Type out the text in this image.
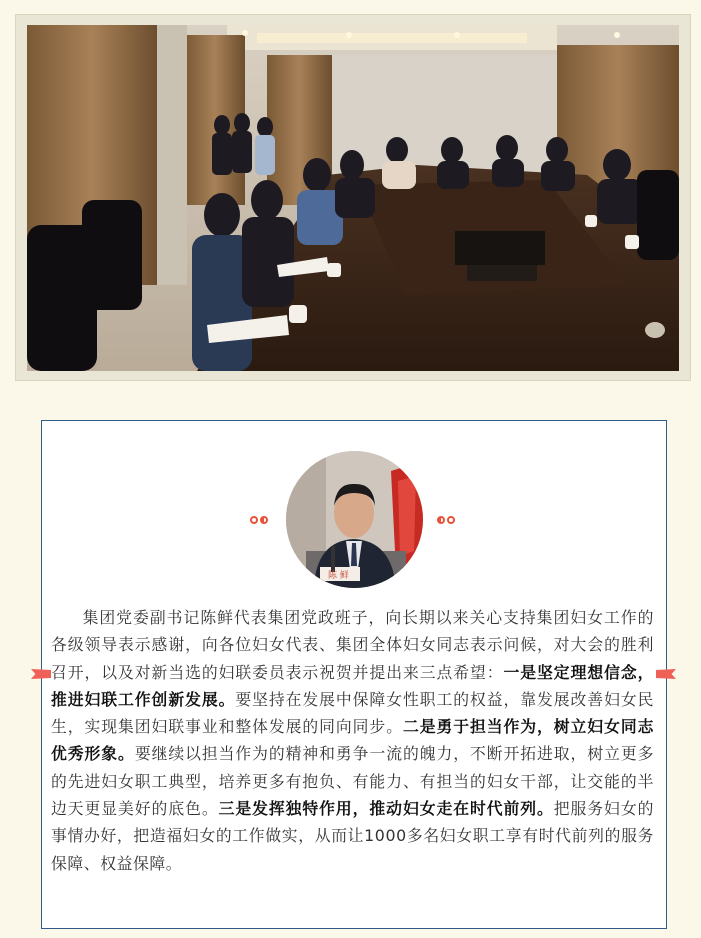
陈 鲜

集团党委副书记陈鲜代表集团党政班子，向长期以来关心支持集团妇女工作的各级领导表示感谢，向各位妇女代表、集团全体妇女同志表示问候，对大会的胜利召开，以及对新当选的妇联委员表示祝贺并提出来三点希望：一是坚定理想信念，推进妇联工作创新发展。要坚持在发展中保障女性职工的权益，靠发展改善妇女民生，实现集团妇联事业和整体发展的同向同步。二是勇于担当作为，树立妇女同志优秀形象。要继续以担当作为的精神和勇争一流的魄力，不断开拓进取，树立更多的先进妇女职工典型，培养更多有抱负、有能力、有担当的妇女干部，让交能的半边天更显美好的底色。三是发挥独特作用，推动妇女走在时代前列。把服务妇女的事情办好，把造福妇女的工作做实，从而让1000多名妇女职工享有时代前列的服务保障、权益保障。
